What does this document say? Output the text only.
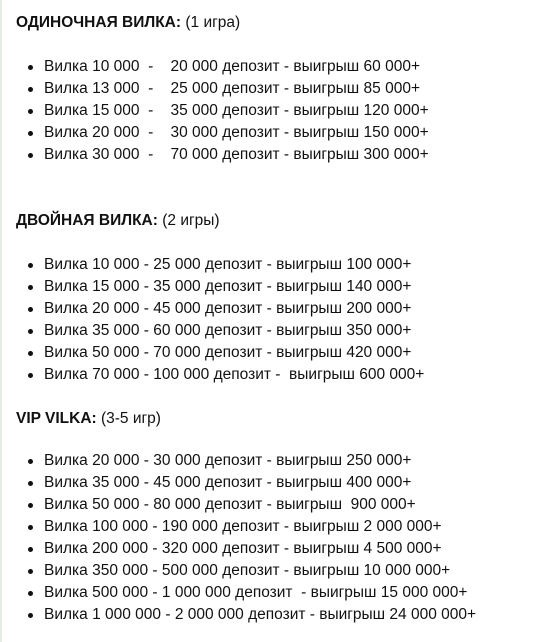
ОДИНОЧНАЯ ВИЛКА: (1 игра)

Вилка 10 000  -    20 000 депозит - выигрыш 60 000+
Вилка 13 000  -    25 000 депозит - выигрыш 85 000+
Вилка 15 000  -    35 000 депозит - выигрыш 120 000+
Вилка 20 000  -    30 000 депозит - выигрыш 150 000+
Вилка 30 000  -    70 000 депозит - выигрыш 300 000+

ДВОЙНАЯ ВИЛКА: (2 игры)

Вилка 10 000 - 25 000 депозит - выигрыш 100 000+
Вилка 15 000 - 35 000 депозит - выигрыш 140 000+
Вилка 20 000 - 45 000 депозит - выигрыш 200 000+
Вилка 35 000 - 60 000 депозит - выигрыш 350 000+
Вилка 50 000 - 70 000 депозит - выигрыш 420 000+
Вилка 70 000 - 100 000 депозит -  выигрыш 600 000+

VIP VILKA: (3-5 игр)

Вилка 20 000 - 30 000 депозит - выигрыш 250 000+
Вилка 35 000 - 45 000 депозит - выигрыш 400 000+
Вилка 50 000 - 80 000 депозит - выигрыш  900 000+
Вилка 100 000 - 190 000 депозит - выигрыш 2 000 000+
Вилка 200 000 - 320 000 депозит - выигрыш 4 500 000+
Вилка 350 000 - 500 000 депозит - выигрыш 10 000 000+
Вилка 500 000 - 1 000 000 депозит  - выигрыш 15 000 000+
Вилка 1 000 000 - 2 000 000 депозит - выигрыш 24 000 000+
